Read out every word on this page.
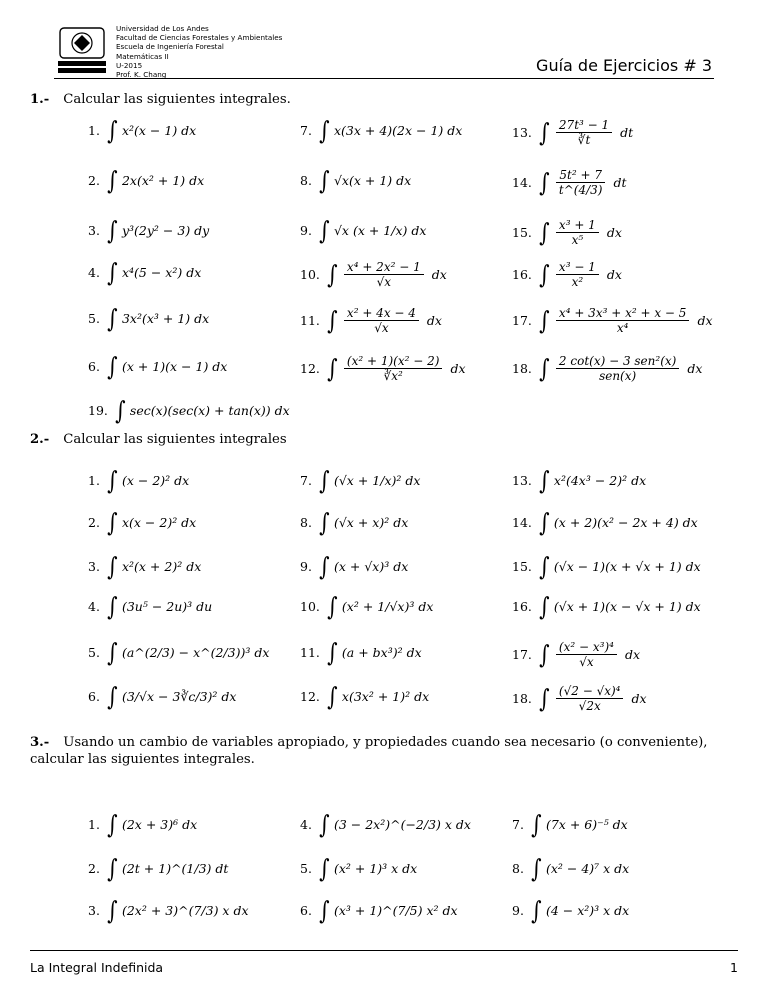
Universidad de Los Andes
Facultad de Ciencias Forestales y Ambientales
Escuela de Ingeniería Forestal
Matemáticas II
U-2015
Prof. K. Chang	Guía de Ejercicios # 3
1.- Calcular las siguientes integrales.
1. ∫ x²(x − 1) dx
2. ∫ 2x(x² + 1) dx
3. ∫ y³(2y² − 3) dy
4. ∫ x⁴(5 − x²) dx
5. ∫ 3x²(x³ + 1) dx
6. ∫ (x + 1)(x − 1) dx
7. ∫ x(3x + 4)(2x − 1) dx
8. ∫ √x(x + 1) dx
9. ∫ √x (x + 1/x) dx
10. ∫ $\frac{\text{x⁴ + 2x² − 1}}{√x}$ dx
11. ∫ $\frac{\text{x² + 4x − 4}}{√x}$ dx
12. ∫ $\frac{\text{(x² + 1)(x² − 2)}}{\text{∛x²}}$ dx
13. ∫ $\frac{\text{27t³ − 1}}{∛t}$ dt
14. ∫ $\frac{\text{5t² + 7}}{t\^{}(4/3)}$ dt
15. ∫ $\frac{\text{x³ + 1}}{\text{x⁵}}$ dx
16. ∫ $\frac{\text{x³ − 1}}{\text{x²}}$ dx
17. ∫ $\frac{\text{x⁴ + 3x³ + x² + x − 5}}{\text{x⁴}}$ dx
18. ∫ $\frac{\text{2 cot(x) − 3 sen²(x)}}{\text{sen(x)}}$ dx
19. ∫ sec(x)(sec(x) + tan(x)) dx
2.- Calcular las siguientes integrales
1. ∫ (x − 2)² dx
2. ∫ x(x − 2)² dx
3. ∫ x²(x + 2)² dx
4. ∫ (3u⁵ − 2u)³ du
5. ∫ (a^(2/3) − x^(2/3))³ dx
6. ∫ (3/√x − 3∛c/3)² dx
7. ∫ (√x + 1/x)² dx
8. ∫ (√x + x)² dx
9. ∫ (x + √x)³ dx
10. ∫ (x² + 1/√x)³ dx
11. ∫ (a + bx³)² dx
12. ∫ x(3x² + 1)² dx
13. ∫ x²(4x³ − 2)² dx
14. ∫ (x + 2)(x² − 2x + 4) dx
15. ∫ (√x − 1)(x + √x + 1) dx
16. ∫ (√x + 1)(x − √x + 1) dx
17. ∫ $\frac{\text{(x² − x³)⁴}}{√x}$ dx
18. ∫ $\frac{\text{(√2 − √x)⁴}}{√2x}$ dx
3.- Usando un cambio de variables apropiado, y propiedades cuando sea necesario (o conveniente), calcular las siguientes integrales.
1. ∫ (2x + 3)⁶ dx
2. ∫ (2t + 1)^(1/3) dt
3. ∫ (2x² + 3)^(7/3) x dx
4. ∫ (3 − 2x²)^(−2/3) x dx
5. ∫ (x² + 1)³ x dx
6. ∫ (x³ + 1)^(7/5) x² dx
7. ∫ (7x + 6)⁻⁵ dx
8. ∫ (x² − 4)⁷ x dx
9. ∫ (4 − x²)³ x dx
La Integral Indefinida	1
